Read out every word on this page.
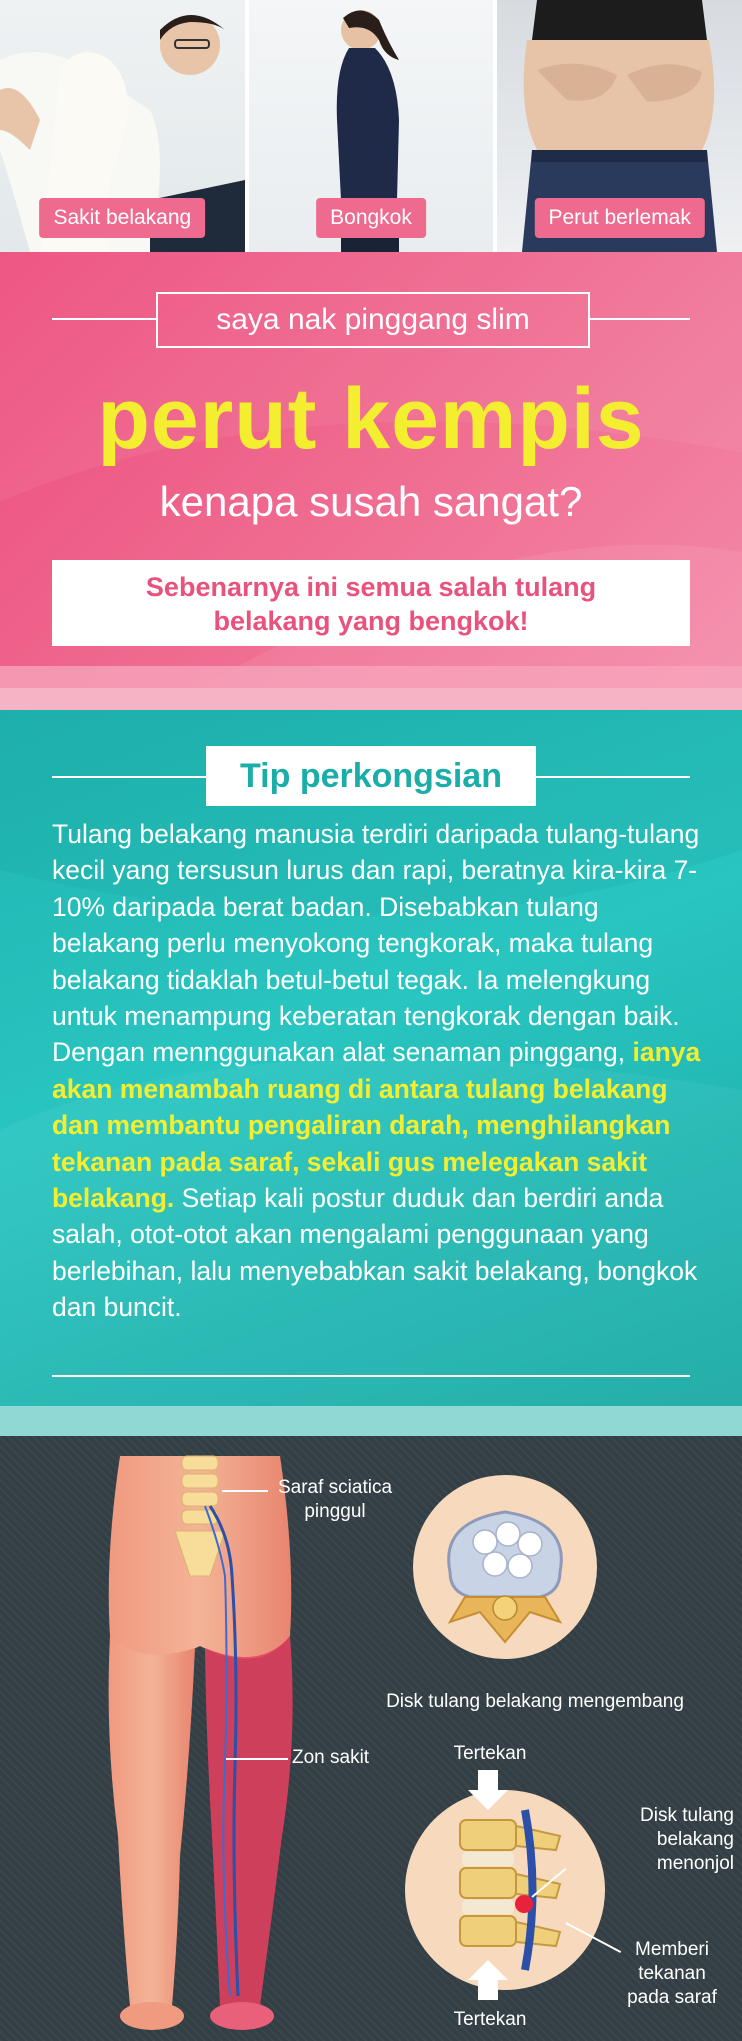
Sakit belakang	Bongkok	Perut berlemak
saya nak pinggang slim
perut kempis
kenapa susah sangat?
Sebenarnya ini semua salah tulang
belakang yang bengkok!
Tip perkongsian

Tulang belakang manusia terdiri daripada tulang-tulang kecil yang tersusun lurus dan rapi, beratnya kira-kira 7-10% daripada berat badan. Disebabkan tulang belakang perlu menyokong tengkorak, maka tulang belakang tidaklah betul-betul tegak. Ia melengkung untuk menampung keberatan tengkorak dengan baik. Dengan mennggunakan alat senaman pinggang, ianya akan menambah ruang di antara tulang belakang dan membantu pengaliran darah, menghilangkan tekanan pada saraf, sekali gus melegakan sakit belakang. Setiap kali postur duduk dan berdiri anda salah, otot-otot akan mengalami penggunaan yang berlebihan, lalu menyebabkan sakit belakang, bongkok dan buncit.

Saraf sciatica
pinggul
Zon sakit
Disk tulang belakang mengembang
Tertekan
Disk tulang
belakang
menonjol
Memberi
tekanan
pada saraf
Tertekan
